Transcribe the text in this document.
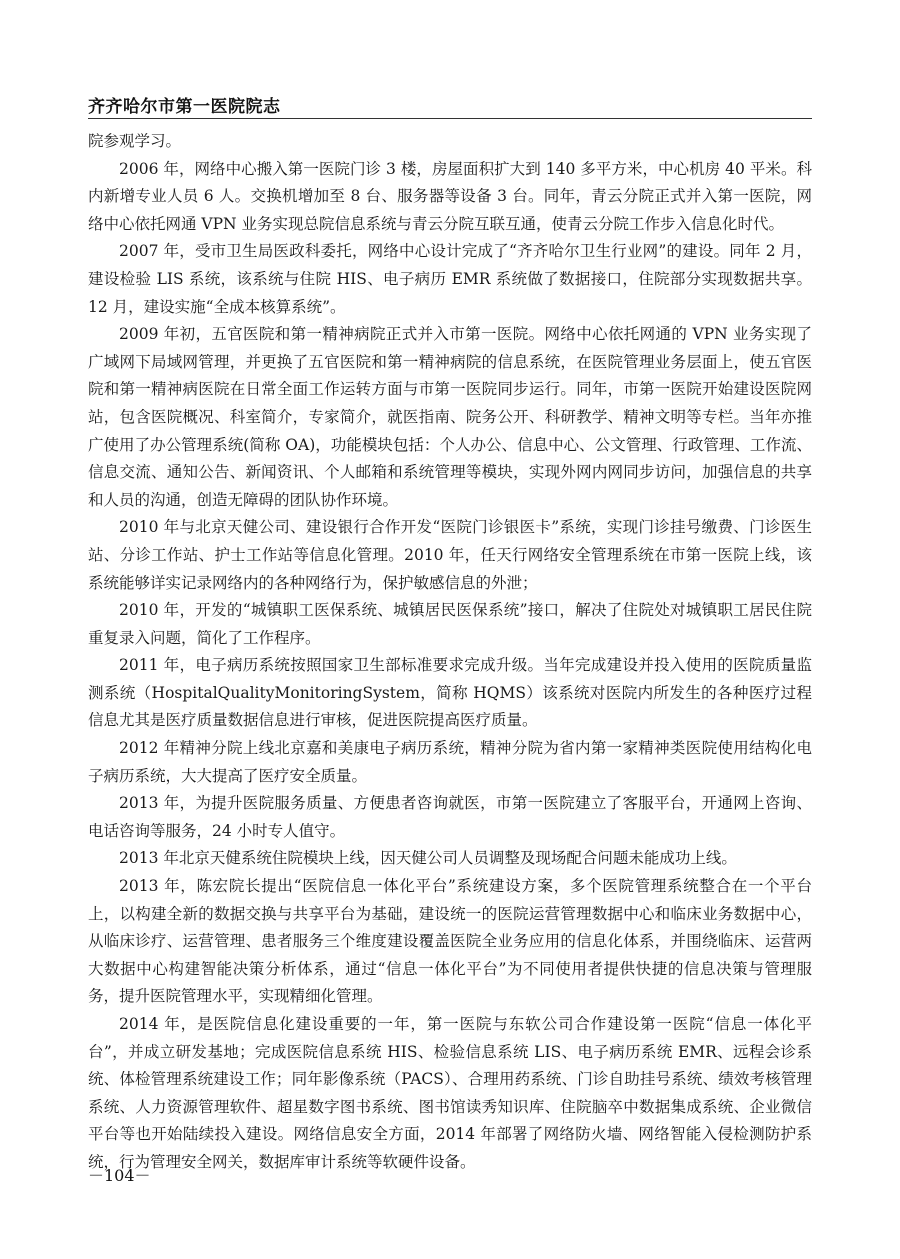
齐齐哈尔市第一医院院志

院参观学习。

2006 年，网络中心搬入第一医院门诊 3 楼，房屋面积扩大到 140 多平方米，中心机房 40 平米。科内新增专业人员 6 人。交换机增加至 8 台、服务器等设备 3 台。同年，青云分院正式并入第一医院，网络中心依托网通 VPN 业务实现总院信息系统与青云分院互联互通，使青云分院工作步入信息化时代。

2007 年，受市卫生局医政科委托，网络中心设计完成了“齐齐哈尔卫生行业网”的建设。同年 2 月，建设检验 LIS 系统，该系统与住院 HIS、电子病历 EMR 系统做了数据接口，住院部分实现数据共享。12 月，建设实施“全成本核算系统”。

2009 年初，五官医院和第一精神病院正式并入市第一医院。网络中心依托网通的 VPN 业务实现了广域网下局域网管理，并更换了五官医院和第一精神病院的信息系统，在医院管理业务层面上，使五官医院和第一精神病医院在日常全面工作运转方面与市第一医院同步运行。同年，市第一医院开始建设医院网站，包含医院概况、科室简介，专家简介，就医指南、院务公开、科研教学、精神文明等专栏。当年亦推广使用了办公管理系统(简称 OA)，功能模块包括：个人办公、信息中心、公文管理、行政管理、工作流、信息交流、通知公告、新闻资讯、个人邮箱和系统管理等模块，实现外网内网同步访问，加强信息的共享和人员的沟通，创造无障碍的团队协作环境。

2010 年与北京天健公司、建设银行合作开发“医院门诊银医卡”系统，实现门诊挂号缴费、门诊医生站、分诊工作站、护士工作站等信息化管理。2010 年，任天行网络安全管理系统在市第一医院上线，该系统能够详实记录网络内的各种网络行为，保护敏感信息的外泄；

2010 年，开发的“城镇职工医保系统、城镇居民医保系统”接口，解决了住院处对城镇职工居民住院重复录入问题，简化了工作程序。

2011 年，电子病历系统按照国家卫生部标准要求完成升级。当年完成建设并投入使用的医院质量监测系统（HospitalQualityMonitoringSystem，简称 HQMS）该系统对医院内所发生的各种医疗过程信息尤其是医疗质量数据信息进行审核，促进医院提高医疗质量。

2012 年精神分院上线北京嘉和美康电子病历系统，精神分院为省内第一家精神类医院使用结构化电子病历系统，大大提高了医疗安全质量。

2013 年，为提升医院服务质量、方便患者咨询就医，市第一医院建立了客服平台，开通网上咨询、电话咨询等服务，24 小时专人值守。

2013 年北京天健系统住院模块上线，因天健公司人员调整及现场配合问题未能成功上线。

2013 年，陈宏院长提出“医院信息一体化平台”系统建设方案，多个医院管理系统整合在一个平台上，以构建全新的数据交换与共享平台为基础，建设统一的医院运营管理数据中心和临床业务数据中心，从临床诊疗、运营管理、患者服务三个维度建设覆盖医院全业务应用的信息化体系，并围绕临床、运营两大数据中心构建智能决策分析体系，通过“信息一体化平台”为不同使用者提供快捷的信息决策与管理服务，提升医院管理水平，实现精细化管理。

2014 年，是医院信息化建设重要的一年，第一医院与东软公司合作建设第一医院“信息一体化平台”，并成立研发基地；完成医院信息系统 HIS、检验信息系统 LIS、电子病历系统 EMR、远程会诊系统、体检管理系统建设工作；同年影像系统（PACS）、合理用药系统、门诊自助挂号系统、绩效考核管理系统、人力资源管理软件、超星数字图书系统、图书馆读秀知识库、住院脑卒中数据集成系统、企业微信平台等也开始陆续投入建设。网络信息安全方面，2014 年部署了网络防火墙、网络智能入侵检测防护系统，行为管理安全网关，数据库审计系统等软硬件设备。

－104－
